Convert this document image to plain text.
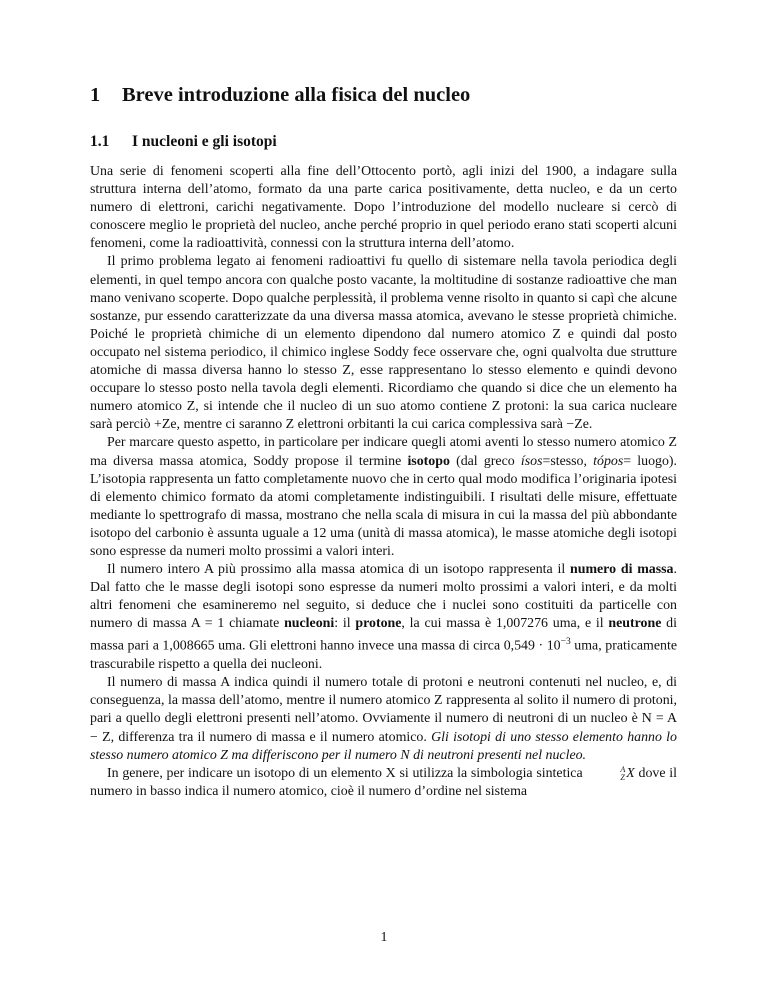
1	Breve introduzione alla fisica del nucleo
1.1	I nucleoni e gli isotopi

Una serie di fenomeni scoperti alla fine dell’Ottocento portò, agli inizi del 1900, a indagare sulla struttura interna dell’atomo, formato da una parte carica positivamente, detta nucleo, e da un certo numero di elettroni, carichi negativamente. Dopo l’introduzione del modello nucleare si cercò di conoscere meglio le proprietà del nucleo, anche perché proprio in quel periodo erano stati scoperti alcuni fenomeni, come la radioattività, connessi con la struttura interna dell’atomo.

Il primo problema legato ai fenomeni radioattivi fu quello di sistemare nella tavola periodica degli elementi, in quel tempo ancora con qualche posto vacante, la moltitudine di sostanze radioattive che man mano venivano scoperte. Dopo qualche perplessità, il problema venne risolto in quanto si capì che alcune sostanze, pur essendo caratterizzate da una diversa massa atomica, avevano le stesse proprietà chimiche. Poiché le proprietà chimiche di un elemento dipendono dal numero atomico Z e quindi dal posto occupato nel sistema periodico, il chimico inglese Soddy fece osservare che, ogni qualvolta due strutture atomiche di massa diversa hanno lo stesso Z, esse rappresentano lo stesso elemento e quindi devono occupare lo stesso posto nella tavola degli elementi. Ricordiamo che quando si dice che un elemento ha numero atomico Z, si intende che il nucleo di un suo atomo contiene Z protoni: la sua carica nucleare sarà perciò +Ze, mentre ci saranno Z elettroni orbitanti la cui carica complessiva sarà −Ze.

Per marcare questo aspetto, in particolare per indicare quegli atomi aventi lo stesso numero atomico Z ma diversa massa atomica, Soddy propose il termine isotopo (dal greco ísos=stesso, tópos= luogo). L’isotopia rappresenta un fatto completamente nuovo che in certo qual modo modifica l’originaria ipotesi di elemento chimico formato da atomi completamente indistinguibili. I risultati delle misure, effettuate mediante lo spettrografo di massa, mostrano che nella scala di misura in cui la massa del più abbondante isotopo del carbonio è assunta uguale a 12 uma (unità di massa atomica), le masse atomiche degli isotopi sono espresse da numeri molto prossimi a valori interi.

Il numero intero A più prossimo alla massa atomica di un isotopo rappresenta il numero di massa. Dal fatto che le masse degli isotopi sono espresse da numeri molto prossimi a valori interi, e da molti altri fenomeni che esamineremo nel seguito, si deduce che i nuclei sono costituiti da particelle con numero di massa A = 1 chiamate nucleoni: il protone, la cui massa è 1,007276 uma, e il neutrone di massa pari a 1,008665 uma. Gli elettroni hanno invece una massa di circa $0,549 \cdot 10^{-3}$ uma, praticamente trascurabile rispetto a quella dei nucleoni.

Il numero di massa A indica quindi il numero totale di protoni e neutroni contenuti nel nucleo, e, di conseguenza, la massa dell’atomo, mentre il numero atomico Z rappresenta al solito il numero di protoni, pari a quello degli elettroni presenti nell’atomo. Ovviamente il numero di neutroni di un nucleo è N = A − Z, differenza tra il numero di massa e il numero atomico. Gli isotopi di uno stesso elemento hanno lo stesso numero atomico Z ma differiscono per il numero N di neutroni presenti nel nucleo.

In genere, per indicare un isotopo di un elemento X si utilizza la simbologia sintetica	A
Z X dove il numero in basso indica il numero atomico, cioè il numero d’ordine nel sistema

1
